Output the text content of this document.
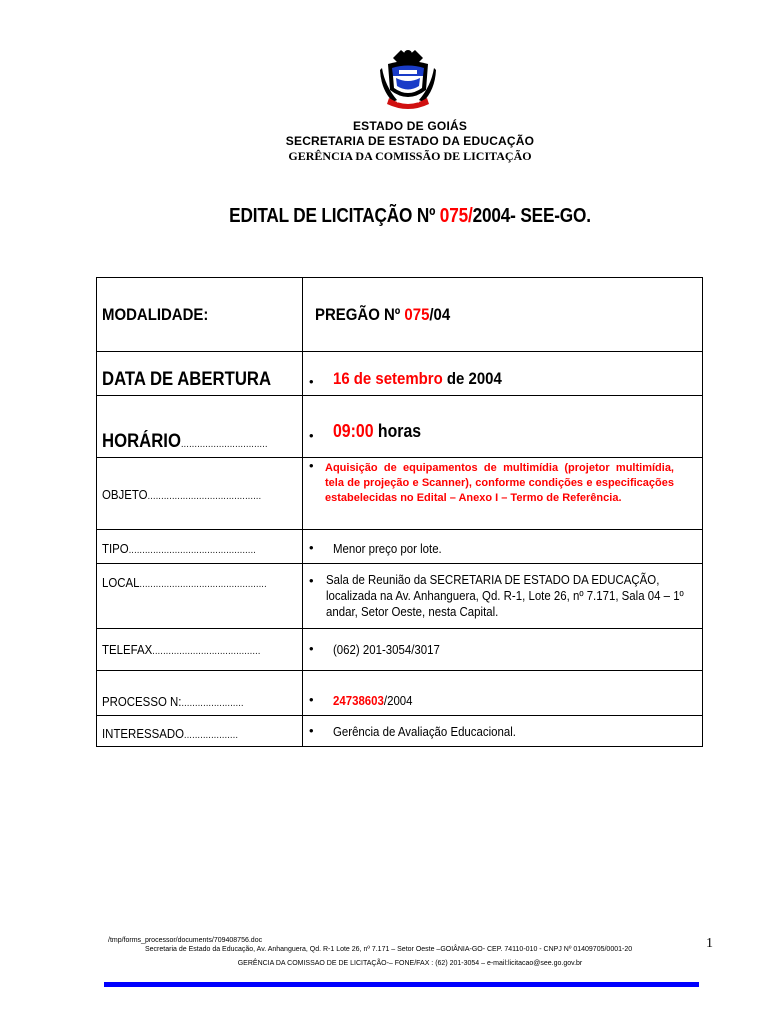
ESTADO DE GOIÁS
SECRETARIA DE ESTADO DA EDUCAÇÃO
GERÊNCIA DA COMISSÃO DE LICITAÇÃO
EDITAL DE LICITAÇÃO Nº 075/2004- SEE-GO.
MODALIDADE:	PREGÃO Nº 075/04

DATA DE ABERTURA	• 16 de setembro de 2004

HORÁRIO................................	• 09:00 horas

OBJETO..........................................	• Aquisição de equipamentos de multimídia (projetor multimídia, tela de projeção e Scanner), conforme condições e especificações estabelecidas no Edital – Anexo I – Termo de Referência.

TIPO...............................................	• Menor preço por lote.

LOCAL...............................................	• Sala de Reunião da SECRETARIA DE ESTADO DA EDUCAÇÃO,
localizada na Av. Anhanguera, Qd. R-1, Lote 26, nº 7.171, Sala 04 – 1º
andar, Setor Oeste, nesta Capital.

TELEFAX........................................	• (062) 201-3054/3017

PROCESSO N:.......................	• 24738603/2004

INTERESSADO....................	• Gerência de Avaliação Educacional.
/tmp/forms_processor/documents/709408756.doc
Secretaria de Estado da Educação, Av. Anhanguera, Qd. R-1 Lote 26, nº 7.171 – Setor Oeste –GOIÂNIA-GO- CEP. 74110-010 - CNPJ Nº 01409705/0001-20
GERÊNCIA DA COMISSAO DE DE LICITAÇÃO-– FONE/FAX : (62) 201-3054 – e-mail:licitacao@see.go.gov.br
1
